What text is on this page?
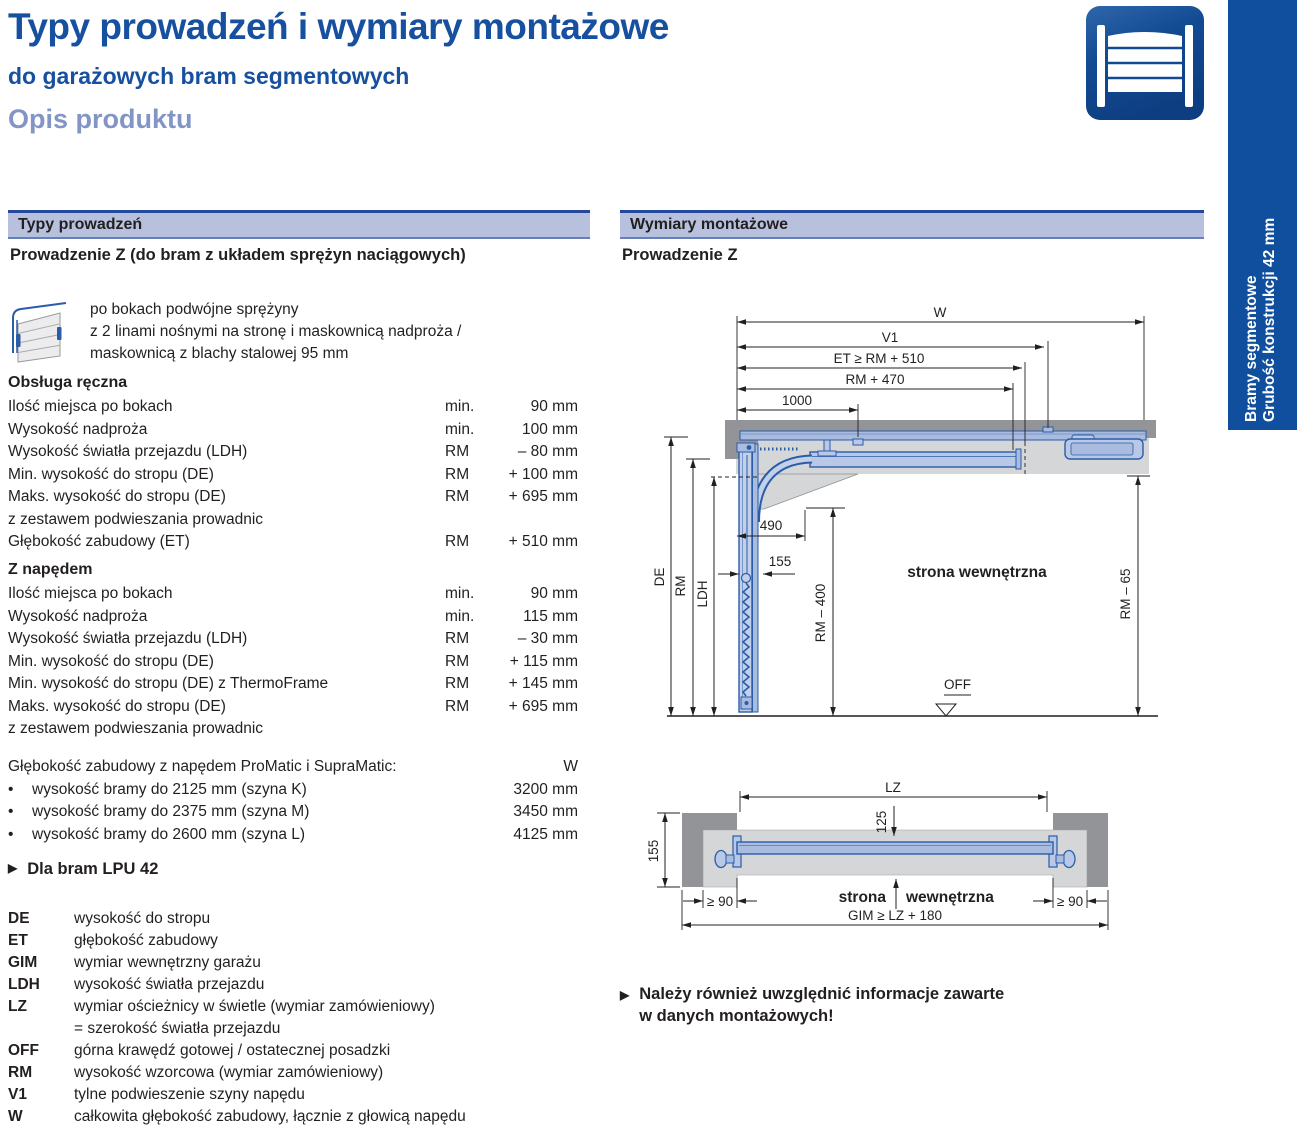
Typy prowadzeń i wymiary montażowe
do garażowych bram segmentowych
Opis produktu
Bramy segmentowe Grubość konstrukcji 42 mm
Typy prowadzeń
Prowadzenie Z (do bram z układem sprężyn naciągowych)
po bokach podwójne sprężyny
z 2 linami nośnymi na stronę i maskownicą nadproża /
maskownicą z blachy stalowej 95 mm
Obsługa ręczna
Ilość miejsca po bokach	min.	90 mm
Wysokość nadproża	min.	100 mm
Wysokość światła przejazdu (LDH)	RM	– 80 mm
Min. wysokość do stropu (DE)	RM	+ 100 mm
Maks. wysokość do stropu (DE)	RM	+ 695 mm
z zestawem podwieszania prowadnic
Głębokość zabudowy (ET)	RM	+ 510 mm
Z napędem
Ilość miejsca po bokach	min.	90 mm
Wysokość nadproża	min.	115 mm
Wysokość światła przejazdu (LDH)	RM	– 30 mm
Min. wysokość do stropu (DE)	RM	+ 115 mm
Min. wysokość do stropu (DE) z ThermoFrame	RM	+ 145 mm
Maks. wysokość do stropu (DE)	RM	+ 695 mm
z zestawem podwieszania prowadnic
Głębokość zabudowy z napędem ProMatic i SupraMatic:	W
•	wysokość bramy do 2125 mm (szyna K)	3200 mm
•	wysokość bramy do 2375 mm (szyna M)	3450 mm
•	wysokość bramy do 2600 mm (szyna L)	4125 mm
▶ Dla bram LPU 42
DE	wysokość do stropu
ET	głębokość zabudowy
GIM	wymiar wewnętrzny garażu
LDH	wysokość światła przejazdu
LZ	wymiar ościeżnicy w świetle (wymiar zamówieniowy)
= szerokość światła przejazdu
OFF	górna krawędź gotowej / ostatecznej posadzki
RM	wysokość wzorcowa (wymiar zamówieniowy)
V1	tylne podwieszenie szyny napędu
W	całkowita głębokość zabudowy, łącznie z głowicą napędu
Wymiary montażowe
Prowadzenie Z
W
V1
ET ≥ RM + 510
RM + 470
1000
490
155
DE RM LDH	RM – 400	RM – 65
strona wewnętrzna
OFF
LZ
125
155
≥ 90	≥ 90
GIM ≥ LZ + 180
strona wewnętrzna
▶ Należy również uwzględnić informacje zawarte
w danych montażowych!
